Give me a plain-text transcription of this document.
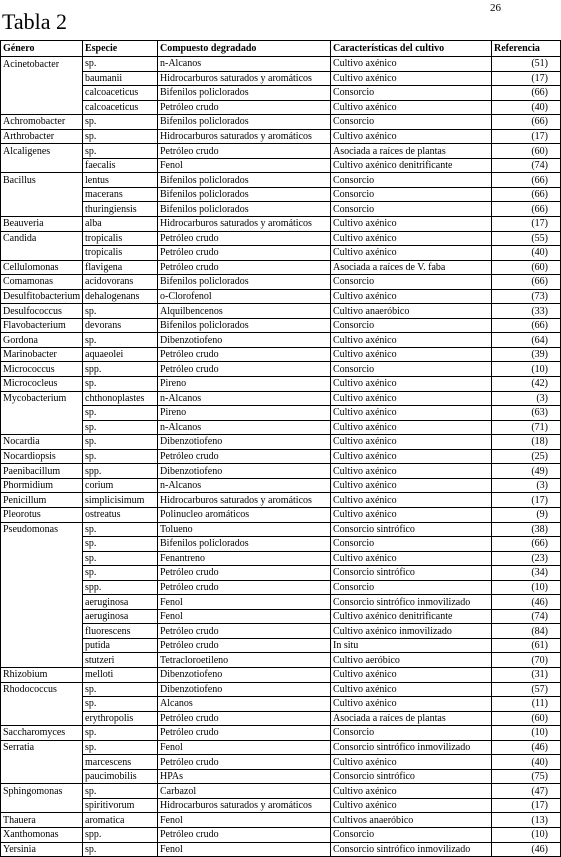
26
Tabla 2
Género	Especie	Compuesto degradado	Características del cultivo	Referencia
Acinetobacter	sp.	n-Alcanos	Cultivo axénico	(51)
	baumanii	Hidrocarburos saturados y aromáticos	Cultivo axénico	(17)
	calcoaceticus	Bifenilos policlorados	Consorcio	(66)
	calcoaceticus	Petróleo crudo	Cultivo axénico	(40)
Achromobacter	sp.	Bifenilos policlorados	Consorcio	(66)
Arthrobacter	sp.	Hidrocarburos saturados y aromáticos	Cultivo axénico	(17)
Alcaligenes	sp.	Petróleo crudo	Asociada a raíces de plantas	(60)
	faecalis	Fenol	Cultivo axénico denitrificante	(74)
Bacillus	lentus	Bifenilos policlorados	Consorcio	(66)
	macerans	Bifenilos policlorados	Consorcio	(66)
	thuringiensis	Bifenilos policlorados	Consorcio	(66)
Beauveria	alba	Hidrocarburos saturados y aromáticos	Cultivo axénico	(17)
Candida	tropicalis	Petróleo crudo	Cultivo axénico	(55)
	tropicalis	Petróleo crudo	Cultivo axénico	(40)
Cellulomonas	flavigena	Petróleo crudo	Asociada a raíces de V. faba	(60)
Comamonas	acidovorans	Bifenilos policlorados	Consorcio	(66)
Desulfitobacterium	dehalogenans	o-Clorofenol	Cultivo axénico	(73)
Desulfococcus	sp.	Alquilbencenos	Cultivo anaeróbico	(33)
Flavobacterium	devorans	Bifenilos policlorados	Consorcio	(66)
Gordona	sp.	Dibenzotiofeno	Cultivo axénico	(64)
Marinobacter	aquaeolei	Petróleo crudo	Cultivo axénico	(39)
Micrococcus	spp.	Petróleo crudo	Consorcio	(10)
Micrococleus	sp.	Pireno	Cultivo axénico	(42)
Mycobacterium	chthonoplastes	n-Alcanos	Cultivo axénico	(3)
	sp.	Pireno	Cultivo axénico	(63)
	sp.	n-Alcanos	Cultivo axénico	(71)
Nocardia	sp.	Dibenzotiofeno	Cultivo axénico	(18)
Nocardiopsis	sp.	Petróleo crudo	Cultivo axénico	(25)
Paenibacillum	spp.	Dibenzotiofeno	Cultivo axénico	(49)
Phormidium	corium	n-Alcanos	Cultivo axénico	(3)
Penicillum	simplicisimum	Hidrocarburos saturados y aromáticos	Cultivo axénico	(17)
Pleorotus	ostreatus	Polinucleo aromáticos	Cultivo axénico	(9)
Pseudomonas	sp.	Tolueno	Consorcio sintrófico	(38)
	sp.	Bifenilos policlorados	Consorcio	(66)
	sp.	Fenantreno	Cultivo axénico	(23)
	sp.	Petróleo crudo	Consorcio sintrófico	(34)
	spp.	Petróleo crudo	Consorcio	(10)
	aeruginosa	Fenol	Consorcio sintrófico inmovilizado	(46)
	aeruginosa	Fenol	Cultivo axénico denitrificante	(74)
	fluorescens	Petróleo crudo	Cultivo axénico inmovilizado	(84)
	putida	Petróleo crudo	In situ	(61)
	stutzeri	Tetracloroetileno	Cultivo aeróbico	(70)
Rhizobium	melloti	Dibenzotiofeno	Cultivo axénico	(31)
Rhodococcus	sp.	Dibenzotiofeno	Cultivo axénico	(57)
	sp.	Alcanos	Cultivo axénico	(11)
	erythropolis	Petróleo crudo	Asociada a raíces de plantas	(60)
Saccharomyces	sp.	Petróleo crudo	Consorcio	(10)
Serratia	sp.	Fenol	Consorcio sintrófico inmovilizado	(46)
	marcescens	Petróleo crudo	Cultivo axénico	(40)
	paucimobilis	HPAs	Consorcio sintrófico	(75)
Sphingomonas	sp.	Carbazol	Cultivo axénico	(47)
	spiritivorum	Hidrocarburos saturados y aromáticos	Cultivo axénico	(17)
Thauera	aromatica	Fenol	Cultivos anaeróbico	(13)
Xanthomonas	spp.	Petróleo crudo	Consorcio	(10)
Yersinia	sp.	Fenol	Consorcio sintrófico inmovilizado	(46)
